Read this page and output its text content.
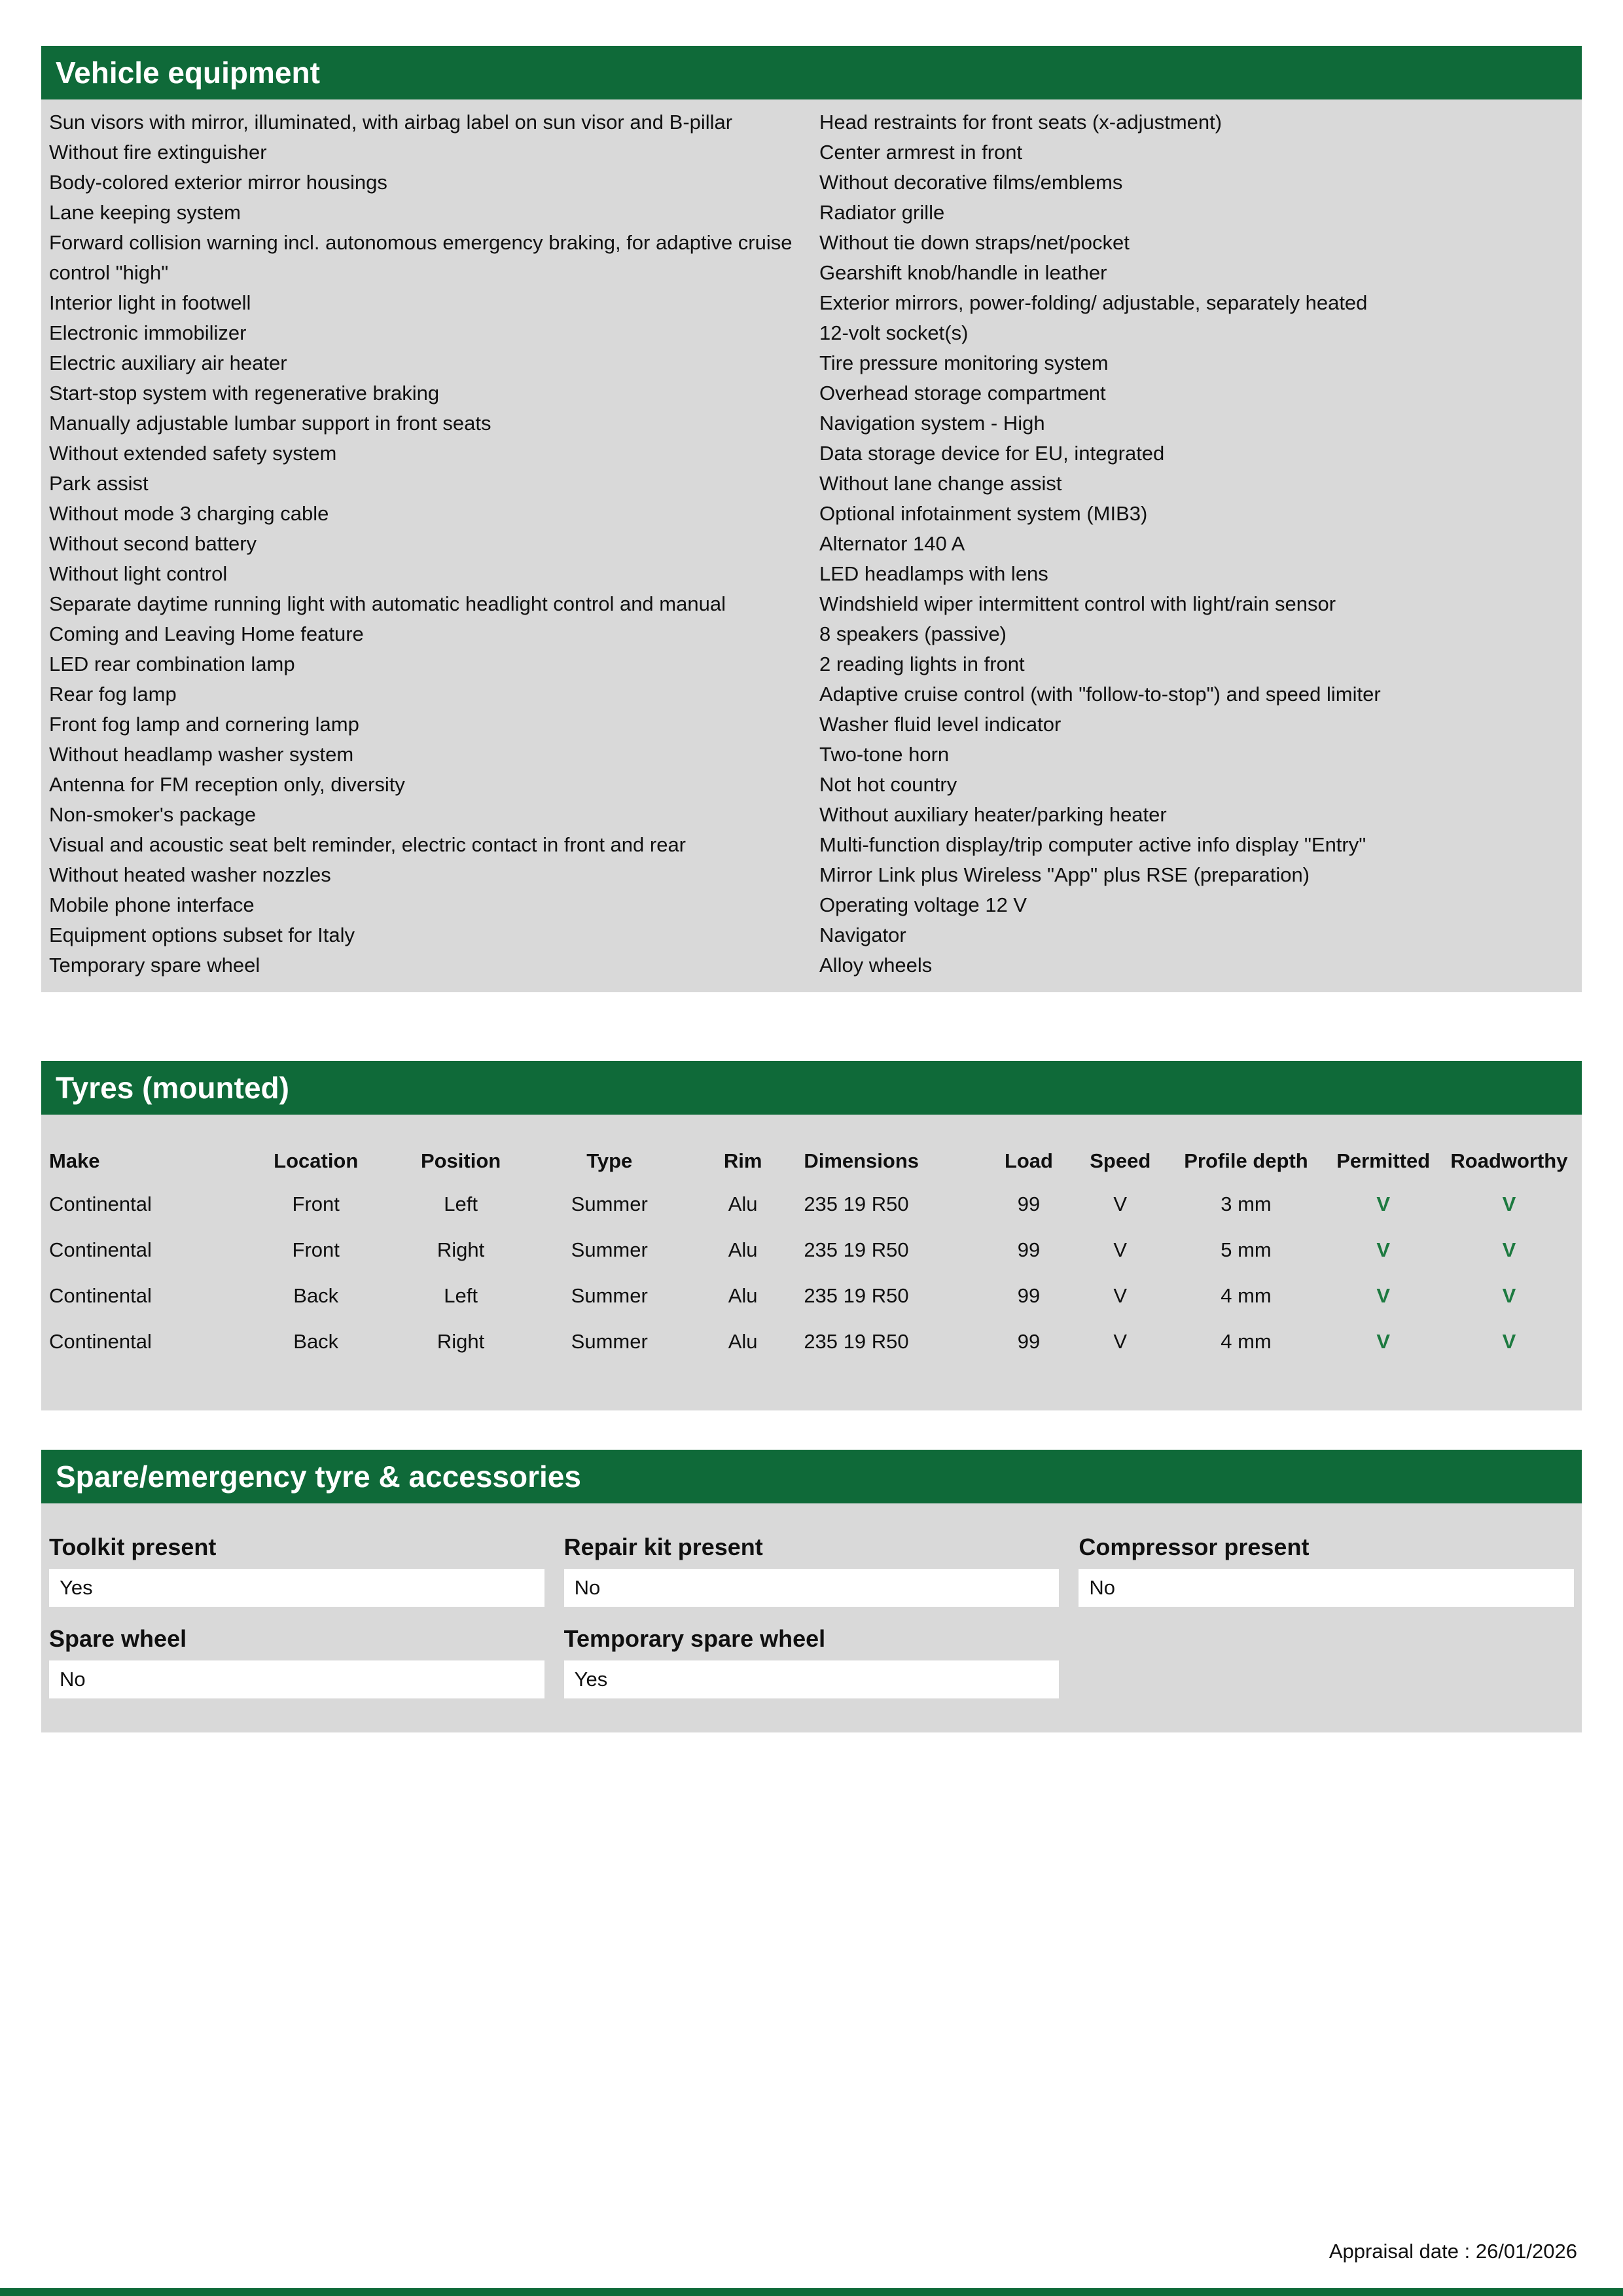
Vehicle equipment
Sun visors with mirror, illuminated, with airbag label on sun visor and B-pillar
Without fire extinguisher
Body-colored exterior mirror housings
Lane keeping system
Forward collision warning incl. autonomous emergency braking, for adaptive cruise control "high"
Interior light in footwell
Electronic immobilizer
Electric auxiliary air heater
Start-stop system with regenerative braking
Manually adjustable lumbar support in front seats
Without extended safety system
Park assist
Without mode 3 charging cable
Without second battery
Without light control
Separate daytime running light with automatic headlight control and manual
Coming and Leaving Home feature
LED rear combination lamp
Rear fog lamp
Front fog lamp and cornering lamp
Without headlamp washer system
Antenna for FM reception only, diversity
Non-smoker's package
Visual and acoustic seat belt reminder, electric contact in front and rear
Without heated washer nozzles
Mobile phone interface
Equipment options subset for Italy
Temporary spare wheel
Head restraints for front seats (x-adjustment)
Center armrest in front
Without decorative films/emblems
Radiator grille
Without tie down straps/net/pocket
Gearshift knob/handle in leather
Exterior mirrors, power-folding/ adjustable, separately heated
12-volt socket(s)
Tire pressure monitoring system
Overhead storage compartment
Navigation system - High
Data storage device for EU, integrated
Without lane change assist
Optional infotainment system (MIB3)
Alternator 140 A
LED headlamps with lens
Windshield wiper intermittent control with light/rain sensor
8 speakers (passive)
2 reading lights in front
Adaptive cruise control (with "follow-to-stop") and speed limiter
Washer fluid level indicator
Two-tone horn
Not hot country
Without auxiliary heater/parking heater
Multi-function display/trip computer active info display "Entry"
Mirror Link plus Wireless "App" plus RSE (preparation)
Operating voltage 12 V
Navigator
Alloy wheels
Tyres (mounted)
Make	Location	Position	Type	Rim	Dimensions	Load	Speed	Profile depth	Permitted	Roadworthy
Continental	Front	Left	Summer	Alu	235 19 R50	99	V	3 mm	V	V
Continental	Front	Right	Summer	Alu	235 19 R50	99	V	5 mm	V	V
Continental	Back	Left	Summer	Alu	235 19 R50	99	V	4 mm	V	V
Continental	Back	Right	Summer	Alu	235 19 R50	99	V	4 mm	V	V
Spare/emergency tyre & accessories
Toolkit present
Yes
Repair kit present
No
Compressor present
No
Spare wheel
No
Temporary spare wheel
Yes
Appraisal date : 26/01/2026
